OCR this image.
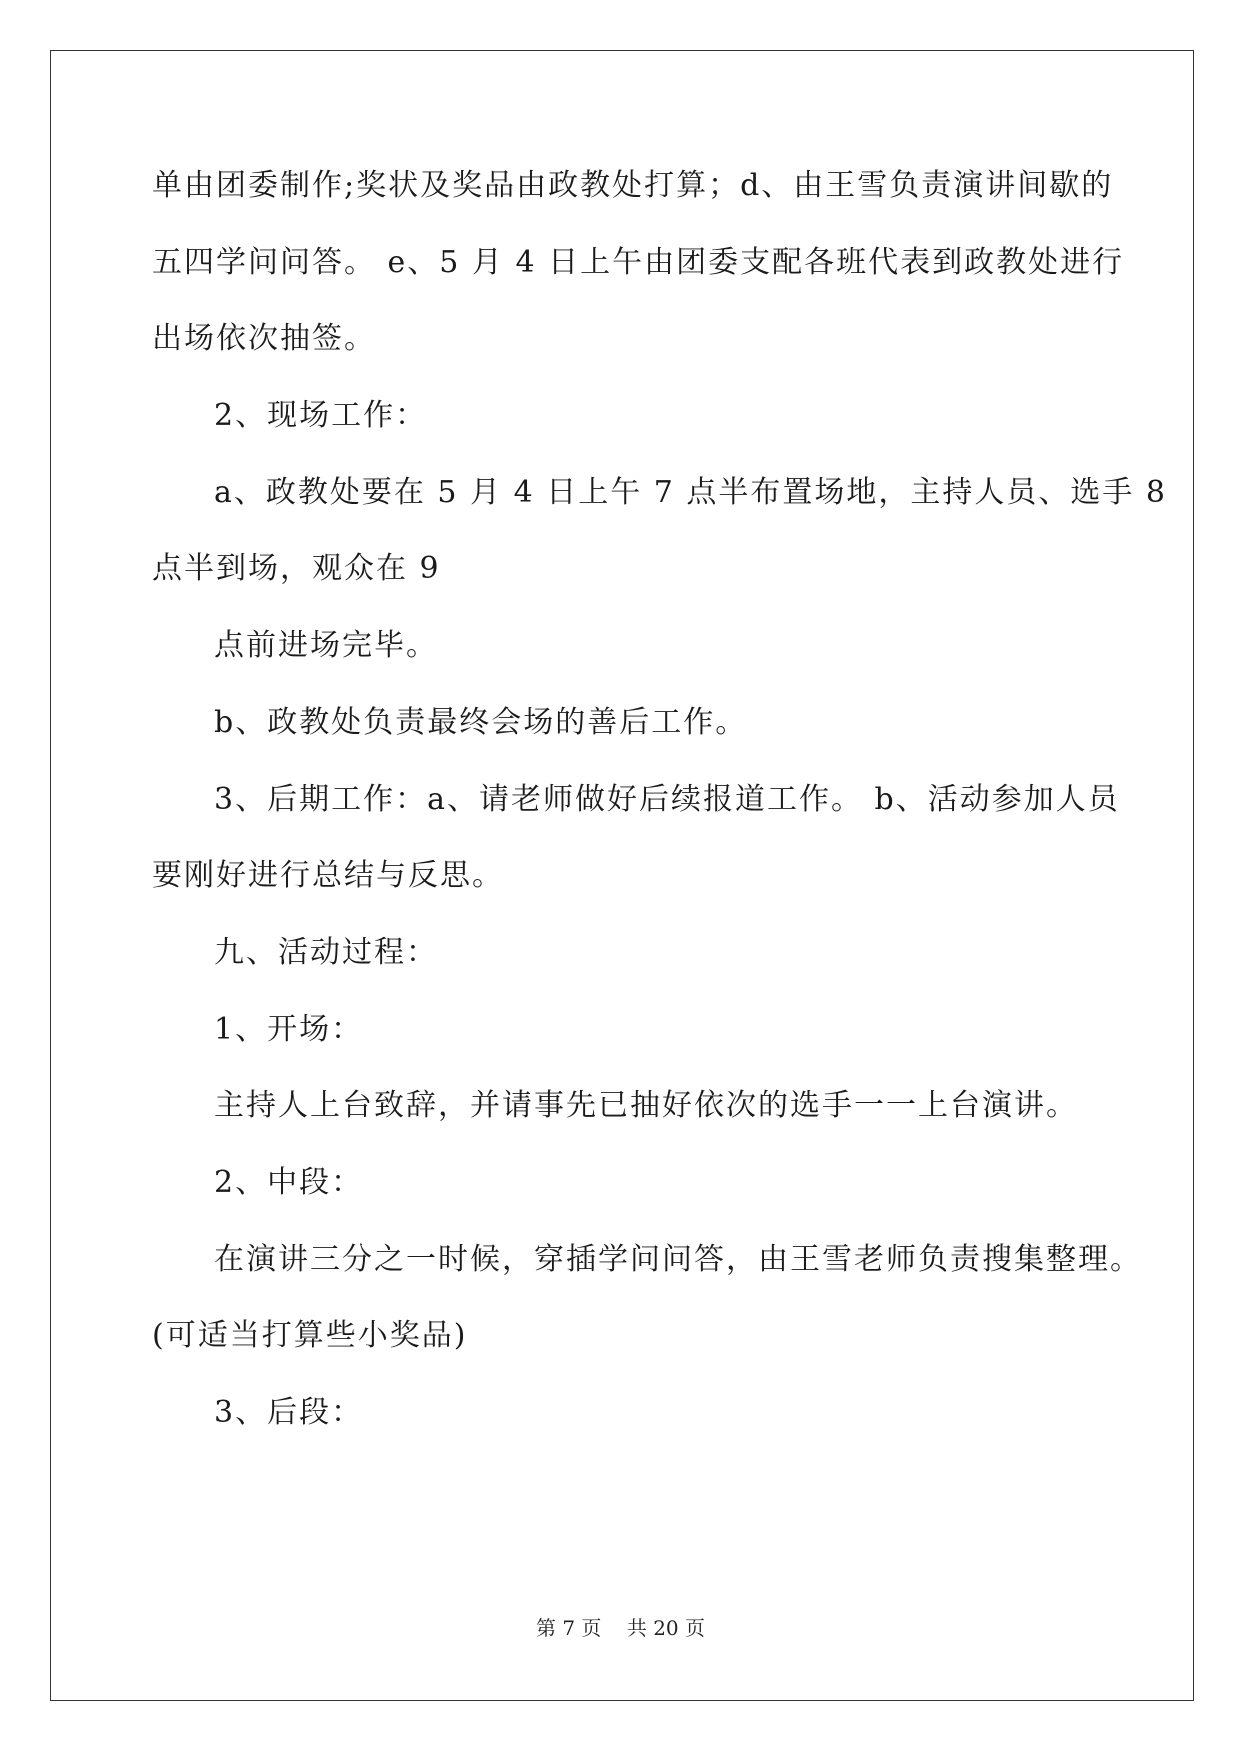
单由团委制作;奖状及奖品由政教处打算；d、由王雪负责演讲间歇的
五四学问问答。 e、5 月 4 日上午由团委支配各班代表到政教处进行
出场依次抽签。
2、现场工作：
a、政教处要在 5 月 4 日上午 7 点半布置场地，主持人员、选手 8
点半到场，观众在 9
点前进场完毕。
b、政教处负责最终会场的善后工作。
3、后期工作：a、请老师做好后续报道工作。 b、活动参加人员
要刚好进行总结与反思。
九、活动过程：
1、开场：
主持人上台致辞，并请事先已抽好依次的选手一一上台演讲。
2、中段：
在演讲三分之一时候，穿插学问问答，由王雪老师负责搜集整理。
(可适当打算些小奖品)
3、后段：
第 7 页    共 20 页
